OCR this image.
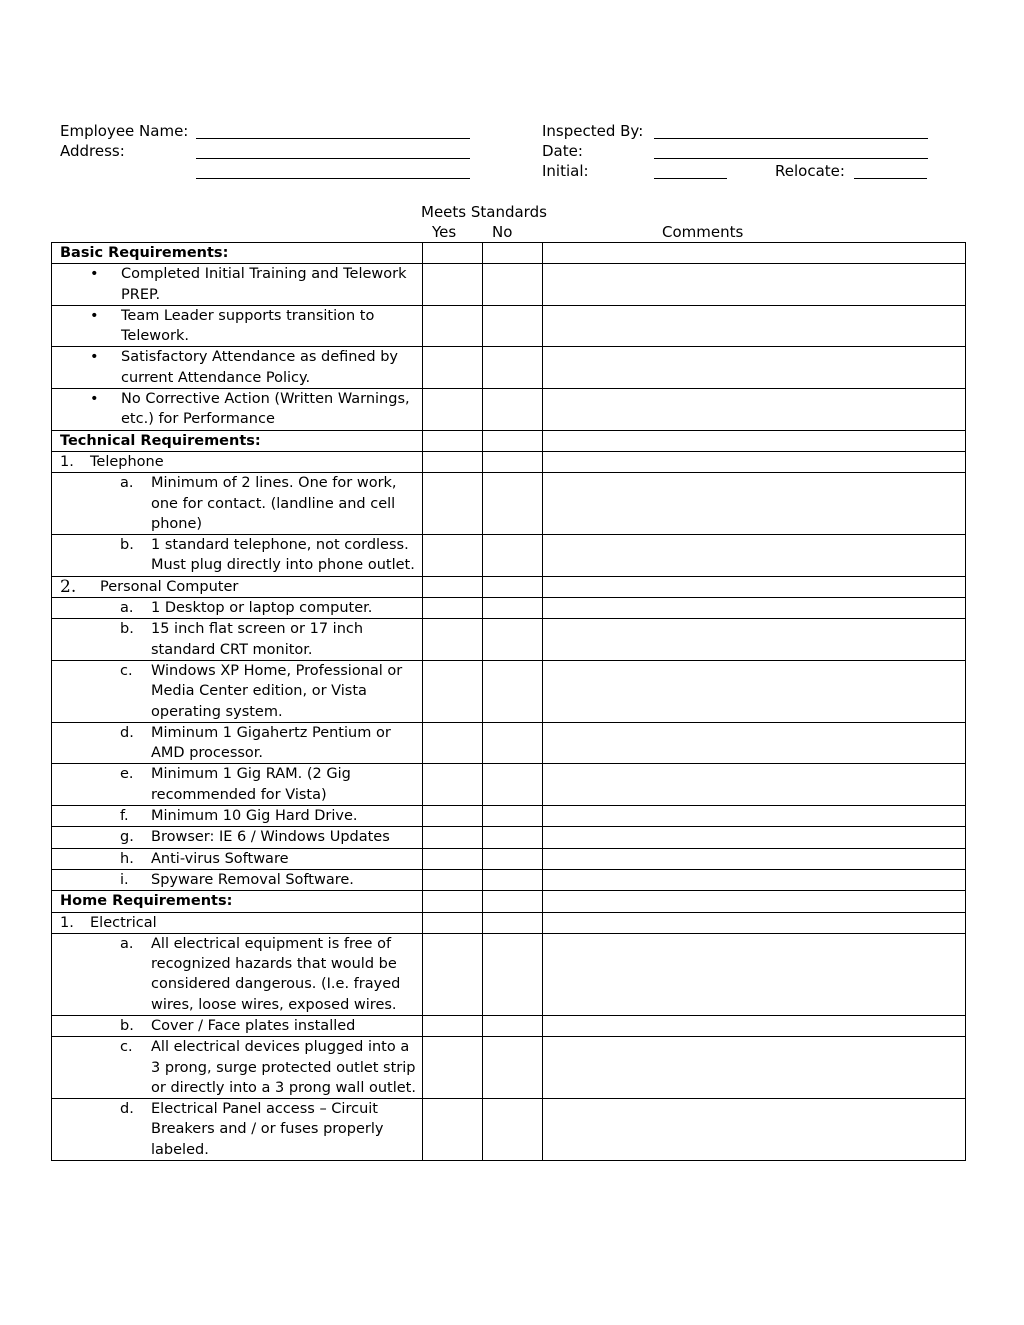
Employee Name:
Address:
Inspected By:
Date:
Initial:	Relocate:
Meets Standards
Yes No	Comments
Basic Requirements:			

• Completed Initial Training and Telework PREP.			

• Team Leader supports transition to Telework.			

• Satisfactory Attendance as defined by current Attendance Policy.			

• No Corrective Action (Written Warnings, etc.) for Performance			

Technical Requirements:			

1. Telephone			

a. Minimum of 2 lines. One for work, one for contact. (landline and cell phone)			

b. 1 standard telephone, not cordless. Must plug directly into phone outlet.			

2. Personal Computer			

a. 1 Desktop or laptop computer.			

b. 15 inch flat screen or 17 inch standard CRT monitor.			

c. Windows XP Home, Professional or Media Center edition, or Vista operating system.			

d. Miminum 1 Gigahertz Pentium or AMD processor.			

e. Minimum 1 Gig RAM. (2 Gig recommended for Vista)			

f. Minimum 10 Gig Hard Drive.			

g. Browser: IE 6 / Windows Updates			

h. Anti-virus Software			

i. Spyware Removal Software.			

Home Requirements:			

1. Electrical			

a. All electrical equipment is free of recognized hazards that would be considered dangerous. (I.e. frayed wires, loose wires, exposed wires.			

b. Cover / Face plates installed			

c. All electrical devices plugged into a 3 prong, surge protected outlet strip or directly into a 3 prong wall outlet.			

d. Electrical Panel access – Circuit Breakers and / or fuses properly labeled.			
